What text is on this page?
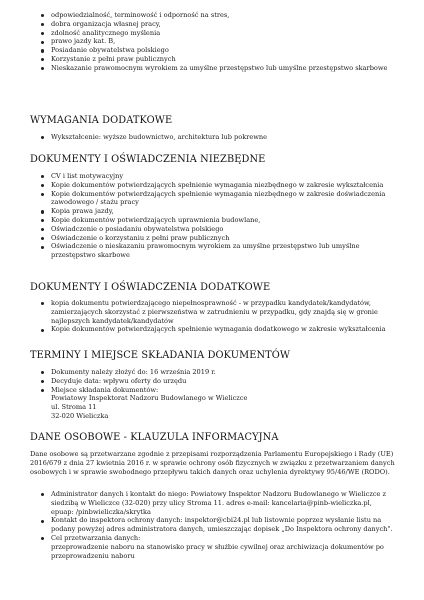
odpowiedzialność, terminowość i odporność na stres,
dobra organizacja własnej pracy,
zdolność analitycznego myślenia
prawo jazdy kat. B,
Posiadanie obywatelstwa polskiego
Korzystanie z pełni praw publicznych
Nieskazanie prawomocnym wyrokiem za umyślne przestępstwo lub umyślne przestępstwo skarbowe
WYMAGANIA DODATKOWE
Wykształcenie: wyższe budownictwo, architektura lub pokrewne
DOKUMENTY I OŚWIADCZENIA NIEZBĘDNE
CV i list motywacyjny
Kopie dokumentów potwierdzających spełnienie wymagania niezbędnego w zakresie wykształcenia
Kopie dokumentów potwierdzających spełnienie wymagania niezbędnego w zakresie doświadczenia zawodowego / stażu pracy
Kopia prawa jazdy,
Kopie dokumentów potwierdzających uprawnienia budowlane,
Oświadczenie o posiadaniu obywatelstwa polskiego
Oświadczenie o korzystaniu z pełni praw publicznych
Oświadczenie o nieskazaniu prawomocnym wyrokiem za umyślne przestępstwo lub umyślne przestępstwo skarbowe
DOKUMENTY I OŚWIADCZENIA DODATKOWE
kopia dokumentu potwierdzającego niepełnosprawność - w przypadku kandydatek/kandydatów, zamierzających skorzystać z pierwszeństwa w zatrudnieniu w przypadku, gdy znajdą się w gronie najlepszych kandydatek/kandydatów
Kopie dokumentów potwierdzających spełnienie wymagania dodatkowego w zakresie wykształcenia
TERMINY I MIEJSCE SKŁADANIA DOKUMENTÓW
Dokumenty należy złożyć do: 16 września 2019 r.
Decyduje data: wpływu oferty do urzędu
Miejsce składania dokumentów:
Powiatowy Inspektorat Nadzoru Budowlanego w Wieliczce
ul. Stroma 11
32-020 Wieliczka
DANE OSOBOWE - KLAUZULA INFORMACYJNA

Dane osobowe są przetwarzane zgodnie z przepisami rozporządzenia Parlamentu Europejskiego i Rady (UE) 2016/679 z dnia 27 kwietnia 2016 r. w sprawie ochrony osób fizycznych w związku z przetwarzaniem danych osobowych i w sprawie swobodnego przepływu takich danych oraz uchylenia dyrektywy 95/46/WE (RODO).

Administrator danych i kontakt do niego: Powiatowy Inspektor Nadzoru Budowlanego w Wieliczce z siedzibą w Wieliczce (32-020) przy ulicy Stroma 11. adres e-mail: kancelaria@pinb-wieliczka.pl, epuap: /pinbwieliczka/skrytka
Kontakt do inspektora ochrony danych: inspektor@cbi24.pl lub listownie poprzez wysłanie listu na podany powyżej adres administratora danych, umieszczając dopisek „Do Inspektora ochrony danych".
Cel przetwarzania danych:
przeprowadzenie naboru na stanowisko pracy w służbie cywilnej oraz archiwizacja dokumentów po przeprowadzeniu naboru
